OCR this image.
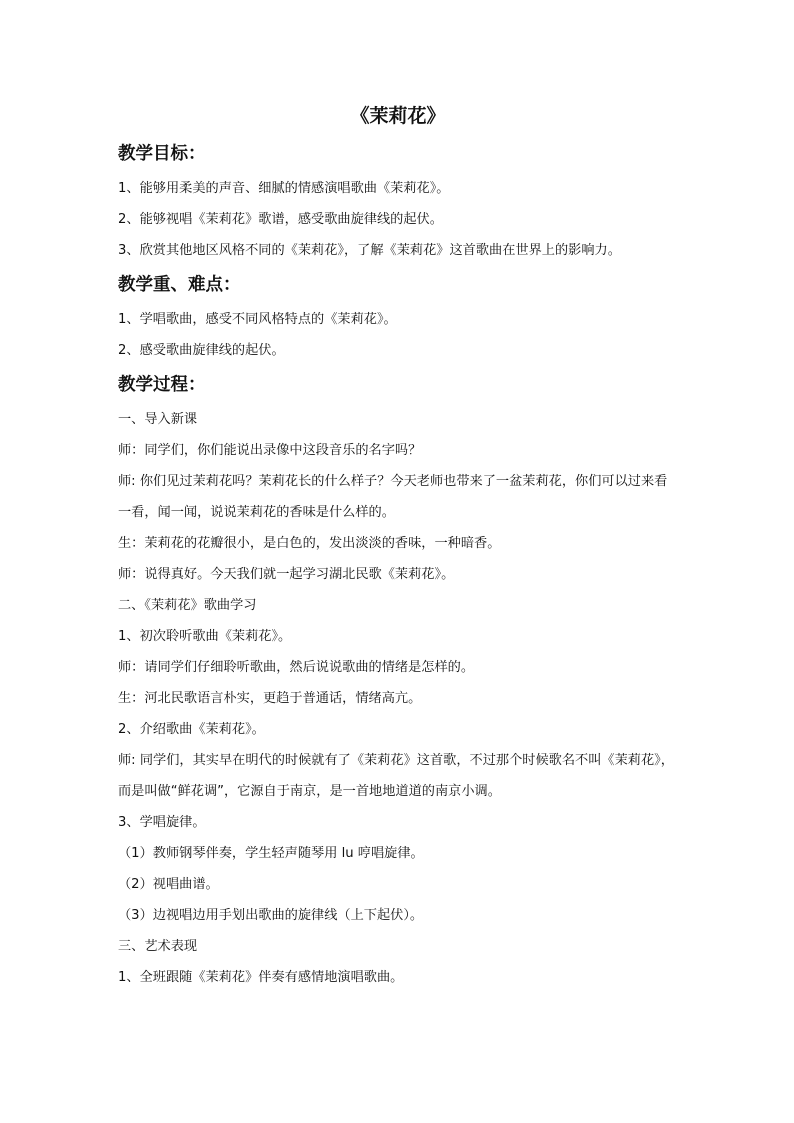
《茉莉花》
教学目标：

1、能够用柔美的声音、细腻的情感演唱歌曲《茉莉花》。

2、能够视唱《茉莉花》歌谱，感受歌曲旋律线的起伏。

3、欣赏其他地区风格不同的《茉莉花》，了解《茉莉花》这首歌曲在世界上的影响力。

教学重、难点：

1、学唱歌曲，感受不同风格特点的《茉莉花》。

2、感受歌曲旋律线的起伏。

教学过程：

一、导入新课

师：同学们，你们能说出录像中这段音乐的名字吗？

师: 你们见过茉莉花吗？茉莉花长的什么样子？今天老师也带来了一盆茉莉花，你们可以过来看一看，闻一闻，说说茉莉花的香味是什么样的。

生：茉莉花的花瓣很小，是白色的，发出淡淡的香味，一种暗香。

师：说得真好。今天我们就一起学习湖北民歌《茉莉花》。

二、《茉莉花》歌曲学习

1、初次聆听歌曲《茉莉花》。

师：请同学们仔细聆听歌曲，然后说说歌曲的情绪是怎样的。

生：河北民歌语言朴实，更趋于普通话，情绪高亢。

2、介绍歌曲《茉莉花》。

师: 同学们，其实早在明代的时候就有了《茉莉花》这首歌，不过那个时候歌名不叫《茉莉花》，而是叫做“鲜花调”，它源自于南京，是一首地地道道的南京小调。

3、学唱旋律。

（1）教师钢琴伴奏，学生轻声随琴用 lu 哼唱旋律。

（2）视唱曲谱。

（3）边视唱边用手划出歌曲的旋律线（上下起伏）。

三、艺术表现

1、全班跟随《茉莉花》伴奏有感情地演唱歌曲。
